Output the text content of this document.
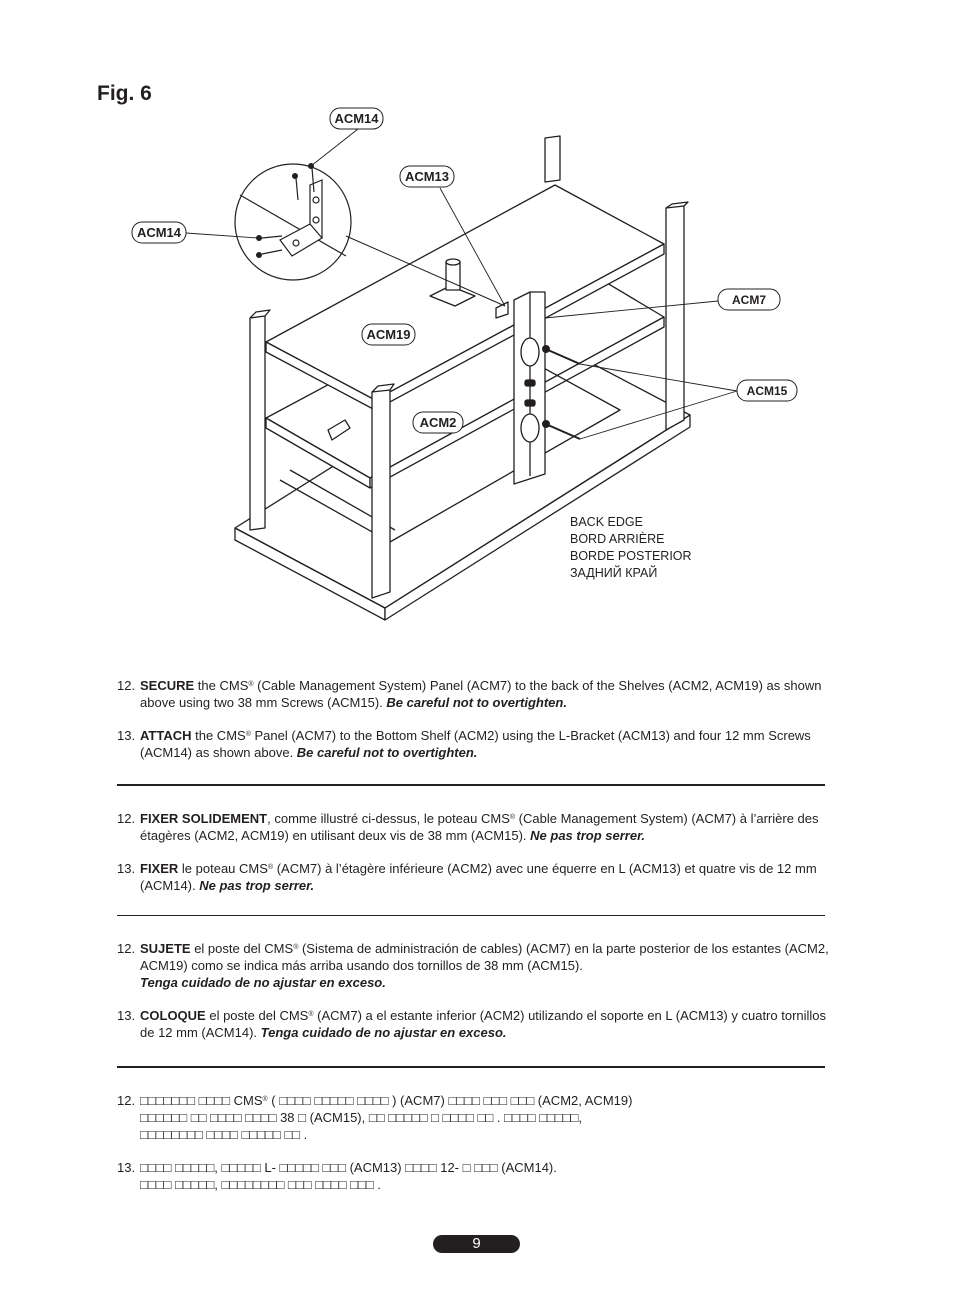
Fig. 6
ACM14
ACM14
ACM13
ACM19
ACM2
ACM7
ACM15
BACK EDGE
BORD ARRIÈRE
BORDE POSTERIOR
ЗАДНИЙ КРАЙ
12. SECURE the CMS® (Cable Management System) Panel (ACM7) to the back of the Shelves (ACM2, ACM19) as shown above using two 38 mm Screws (ACM15). Be careful not to overtighten.
13. ATTACH the CMS® Panel (ACM7) to the Bottom Shelf (ACM2) using the L-Bracket (ACM13) and four 12 mm Screws (ACM14) as shown above. Be careful not to overtighten.
12. FIXER SOLIDEMENT, comme illustré ci-dessus, le poteau CMS® (Cable Management System) (ACM7) à l’arrière des étagères (ACM2, ACM19) en utilisant deux vis de 38 mm (ACM15). Ne pas trop serrer.
13. FIXER le poteau CMS® (ACM7) à l’étagère inférieure (ACM2) avec une équerre en L (ACM13) et quatre vis de 12 mm (ACM14). Ne pas trop serrer.
12. SUJETE el poste del CMS® (Sistema de administración de cables) (ACM7) en la parte posterior de los estantes (ACM2, ACM19) como se indica más arriba usando dos tornillos de 38 mm (ACM15).
Tenga cuidado de no ajustar en exceso.
13. COLOQUE el poste del CMS® (ACM7) a el estante inferior (ACM2) utilizando el soporte en L (ACM13) y cuatro tornillos de 12 mm (ACM14). Tenga cuidado de no ajustar en exceso.
12. □□□□□□□ □□□□ CMS® ( □□□□ □□□□□ □□□□ ) (ACM7) □□□□ □□□ □□□ (ACM2, ACM19)
□□□□□□ □□ □□□□ □□□□ 38 □ (ACM15), □□ □□□□□ □ □□□□ □□ . □□□□ □□□□□,
□□□□□□□□ □□□□ □□□□□ □□ .
13. □□□□ □□□□□, □□□□□ L- □□□□□ □□□ (ACM13) □□□□ 12- □ □□□ (ACM14).
□□□□ □□□□□, □□□□□□□□ □□□ □□□□ □□□ .
9
